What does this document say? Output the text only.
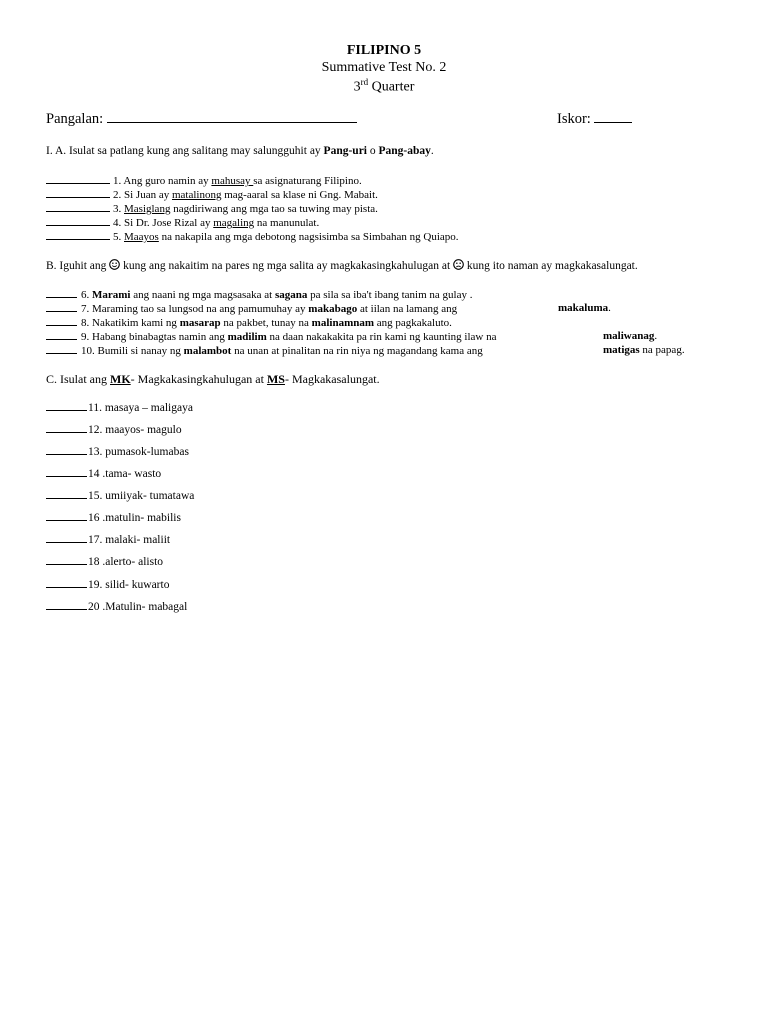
FILIPINO 5
Summative Test No. 2
3rd Quarter
Pangalan:	Iskor:
I. A. Isulat sa patlang kung ang salitang may salungguhit ay Pang-uri o Pang-abay.
1. Ang guro namin ay mahusay sa asignaturang Filipino.
2. Si Juan ay matalinong mag-aaral sa klase ni Gng. Mabait.
3. Masiglang nagdiriwang ang mga tao sa tuwing may pista.
4. Si Dr. Jose Rizal ay magaling na manunulat.
5. Maayos na nakapila ang mga debotong nagsisimba sa Simbahan ng Quiapo.
B. Iguhit ang  kung ang nakaitim na pares ng mga salita ay magkakasingkahulugan at  kung ito naman ay magkakasalungat.
6. Marami ang naani ng mga magsasaka at sagana pa sila sa iba't ibang tanim na gulay .
7. Maraming tao sa lungsod na ang pamumuhay ay makabago at iilan na lamang ang	makaluma.
8. Nakatikim kami ng masarap na pakbet, tunay na malinamnam ang pagkakaluto.
9. Habang binabagtas namin ang madilim na daan nakakakita pa rin kami ng kaunting ilaw na	maliwanag.
10. Bumili si nanay ng malambot na unan at pinalitan na rin niya ng magandang kama ang	matigas na papag.
C. Isulat ang MK- Magkakasingkahulugan at MS- Magkakasalungat.
11. masaya – maligaya
12. maayos- magulo
13. pumasok-lumabas
14 .tama- wasto
15. umiiyak- tumatawa
16 .matulin- mabilis
17. malaki- maliit
18 .alerto- alisto
19. silid- kuwarto
20 .Matulin- mabagal
